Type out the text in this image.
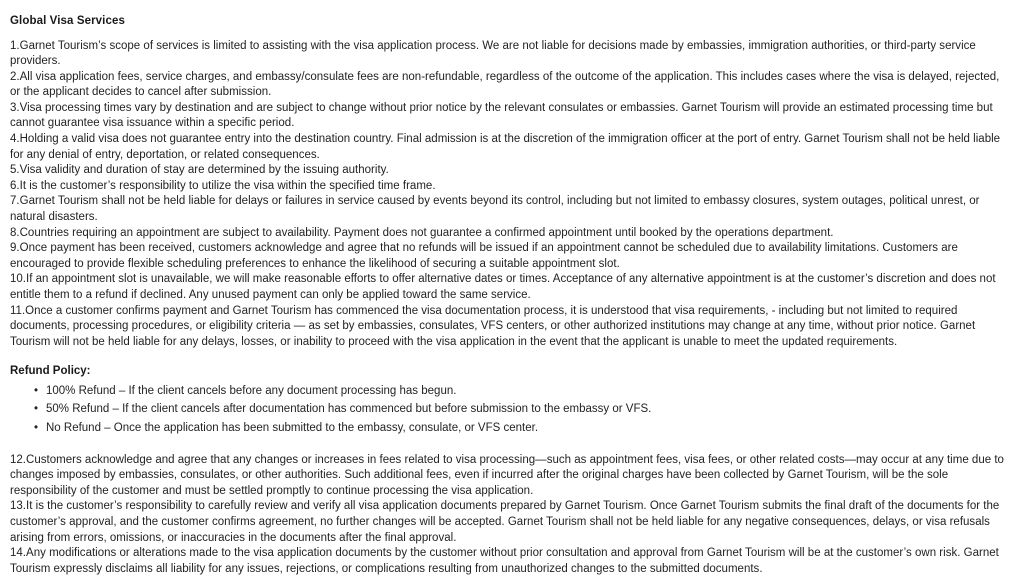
Global Visa Services

1.Garnet Tourism’s scope of services is limited to assisting with the visa application process. We are not liable for decisions made by embassies, immigration authorities, or third-party service providers.

2.All visa application fees, service charges, and embassy/consulate fees are non-refundable, regardless of the outcome of the application. This includes cases where the visa is delayed, rejected, or the applicant decides to cancel after submission.

3.Visa processing times vary by destination and are subject to change without prior notice by the relevant consulates or embassies. Garnet Tourism will provide an estimated processing time but cannot guarantee visa issuance within a specific period.

4.Holding a valid visa does not guarantee entry into the destination country. Final admission is at the discretion of the immigration officer at the port of entry. Garnet Tourism shall not be held liable for any denial of entry, deportation, or related consequences.

5.Visa validity and duration of stay are determined by the issuing authority.

6.It is the customer’s responsibility to utilize the visa within the specified time frame.

7.Garnet Tourism shall not be held liable for delays or failures in service caused by events beyond its control, including but not limited to embassy closures, system outages, political unrest, or natural disasters.

8.Countries requiring an appointment are subject to availability. Payment does not guarantee a confirmed appointment until booked by the operations department.

9.Once payment has been received, customers acknowledge and agree that no refunds will be issued if an appointment cannot be scheduled due to availability limitations. Customers are encouraged to provide flexible scheduling preferences to enhance the likelihood of securing a suitable appointment slot.

10.If an appointment slot is unavailable, we will make reasonable efforts to offer alternative dates or times. Acceptance of any alternative appointment is at the customer’s discretion and does not entitle them to a refund if declined. Any unused payment can only be applied toward the same service.

11.Once a customer confirms payment and Garnet Tourism has commenced the visa documentation process, it is understood that visa requirements, - including but not limited to required documents, processing procedures, or eligibility criteria — as set by embassies, consulates, VFS centers, or other authorized institutions may change at any time, without prior notice. Garnet Tourism will not be held liable for any delays, losses, or inability to proceed with the visa application in the event that the applicant is unable to meet the updated requirements.

Refund Policy:
• 100% Refund – If the client cancels before any document processing has begun.
• 50% Refund – If the client cancels after documentation has commenced but before submission to the embassy or VFS.
• No Refund – Once the application has been submitted to the embassy, consulate, or VFS center.

12.Customers acknowledge and agree that any changes or increases in fees related to visa processing—such as appointment fees, visa fees, or other related costs—may occur at any time due to changes imposed by embassies, consulates, or other authorities. Such additional fees, even if incurred after the original charges have been collected by Garnet Tourism, will be the sole responsibility of the customer and must be settled promptly to continue processing the visa application.

13.It is the customer’s responsibility to carefully review and verify all visa application documents prepared by Garnet Tourism. Once Garnet Tourism submits the final draft of the documents for the customer’s approval, and the customer confirms agreement, no further changes will be accepted. Garnet Tourism shall not be held liable for any negative consequences, delays, or visa refusals arising from errors, omissions, or inaccuracies in the documents after the final approval.

14.Any modifications or alterations made to the visa application documents by the customer without prior consultation and approval from Garnet Tourism will be at the customer’s own risk. Garnet Tourism expressly disclaims all liability for any issues, rejections, or complications resulting from unauthorized changes to the submitted documents.
